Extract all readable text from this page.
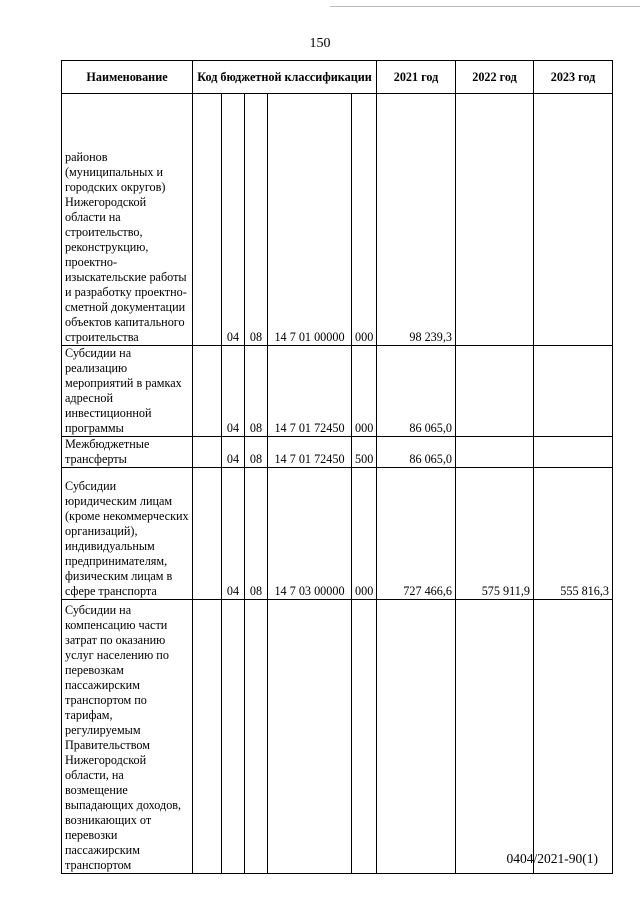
150
Наименование	Код бюджетной классификации					2021 год	2022 год	2023 год
районов (муниципальных и городских округов) Нижегородской области на строительство, реконструкцию, проектно-изыскательские работы и разработку проектно-сметной документации объектов капитального строительства		04	08	14 7 01 00000	000	98 239,3		
Субсидии на реализацию мероприятий в рамках адресной инвестиционной программы		04	08	14 7 01 72450	000	86 065,0		
Межбюджетные трансферты		04	08	14 7 01 72450	500	86 065,0		
Субсидии юридическим лицам (кроме некоммерческих организаций), индивидуальным предпринимателям, физическим лицам в сфере транспорта		04	08	14 7 03 00000	000	727 466,6	575 911,9	555 816,3
Субсидии на компенсацию части затрат по оказанию услуг населению по перевозкам пассажирским транспортом по тарифам, регулируемым Правительством Нижегородской области, на возмещение выпадающих доходов, возникающих от перевозки пассажирским транспортом									0404/2021-90(1)
